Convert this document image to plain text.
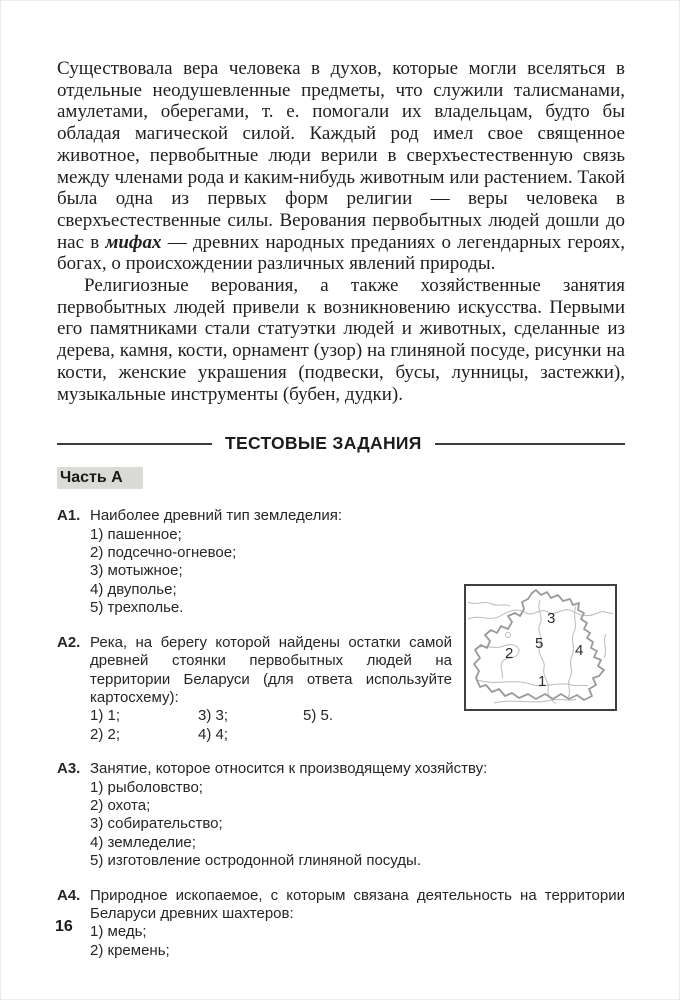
Существовала вера человека в духов, которые могли вселяться в отдельные неодушевленные предметы, что служили талисманами, амулетами, оберегами, т. е. помогали их владельцам, будто бы обладая магической силой. Каждый род имел свое священное животное, первобытные люди верили в сверхъестественную связь между членами рода и каким-нибудь животным или растением. Такой была одна из первых форм религии — веры человека в сверхъестественные силы. Верования первобытных людей дошли до нас в мифах — древних народных преданиях о легендарных героях, богах, о происхождении различных явлений природы.

Религиозные верования, а также хозяйственные занятия первобытных людей привели к возникновению искусства. Первыми его памятниками стали статуэтки людей и животных, сделанные из дерева, камня, кости, орнамент (узор) на глиняной посуде, рисунки на кости, женские украшения (подвески, бусы, лунницы, застежки), музыкальные инструменты (бубен, дудки).

ТЕСТОВЫЕ ЗАДАНИЯ
Часть А
А1. Наиболее древний тип земледелия:
1) пашенное;
2) подсечно-огневое;
3) мотыжное;
4) двуполье;
5) трехполье.
А2. Река, на берегу которой найдены остатки самой древней стоянки первобытных людей на территории Беларуси (для ответа используйте картосхему):
1) 1;	3) 3;	5) 5.
2) 2;	4) 4;
А3. Занятие, которое относится к производящему хозяйству:
1) рыболовство;
2) охота;
3) собирательство;
4) земледелие;
5) изготовление остродонной глиняной посуды.
А4. Природное ископаемое, с которым связана деятельность на территории Беларуси древних шахтеров:
1) медь;
2) кремень;
1
2
3
4
5
16
